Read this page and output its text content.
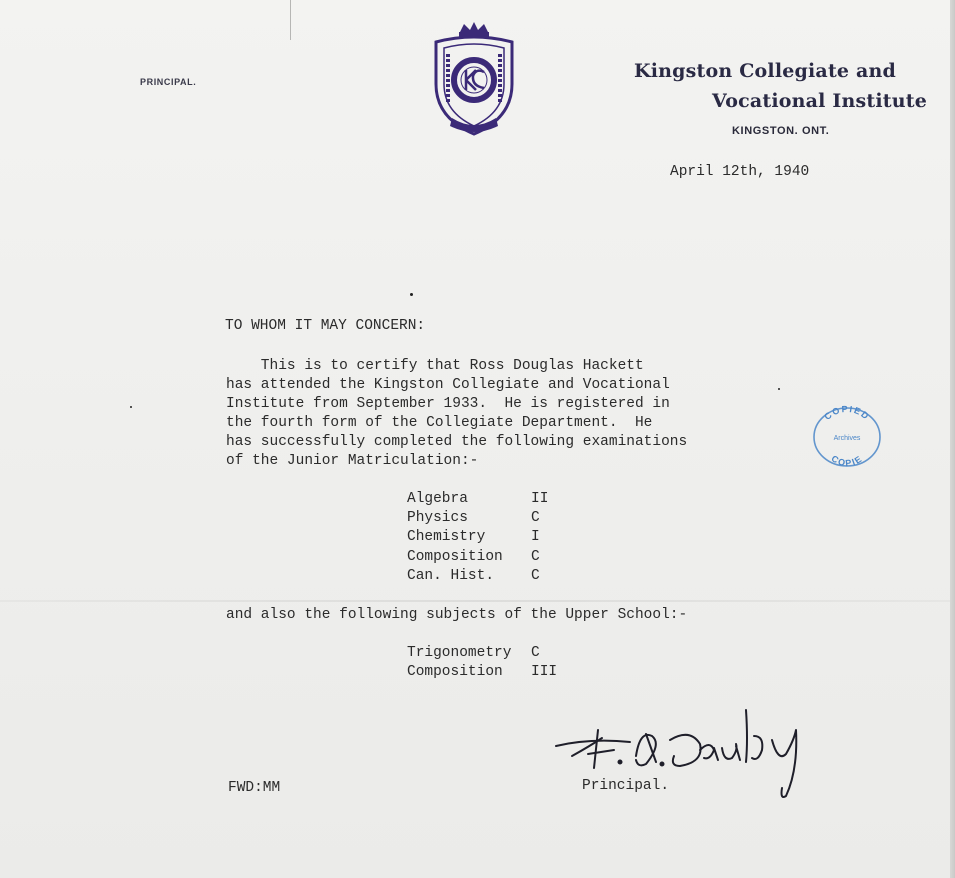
PRINCIPAL.	Kingston Collegiate and
Vocational Institute
KINGSTON. ONT.
April 12th, 1940
TO WHOM IT MAY CONCERN:
This is to certify that Ross Douglas Hackett
has attended the Kingston Collegiate and Vocational
Institute from September 1933.  He is registered in
the fourth form of the Collegiate Department.  He
has successfully completed the following examinations
of the Junior Matriculation:-
Algebra	II
Physics	C
Chemistry	I
Composition C
Can. Hist.	C
and also the following subjects of the Upper School:-
Trigonometry C
Composition III
COPIED
Archives
COPIE
FWD:MM	Principal.
